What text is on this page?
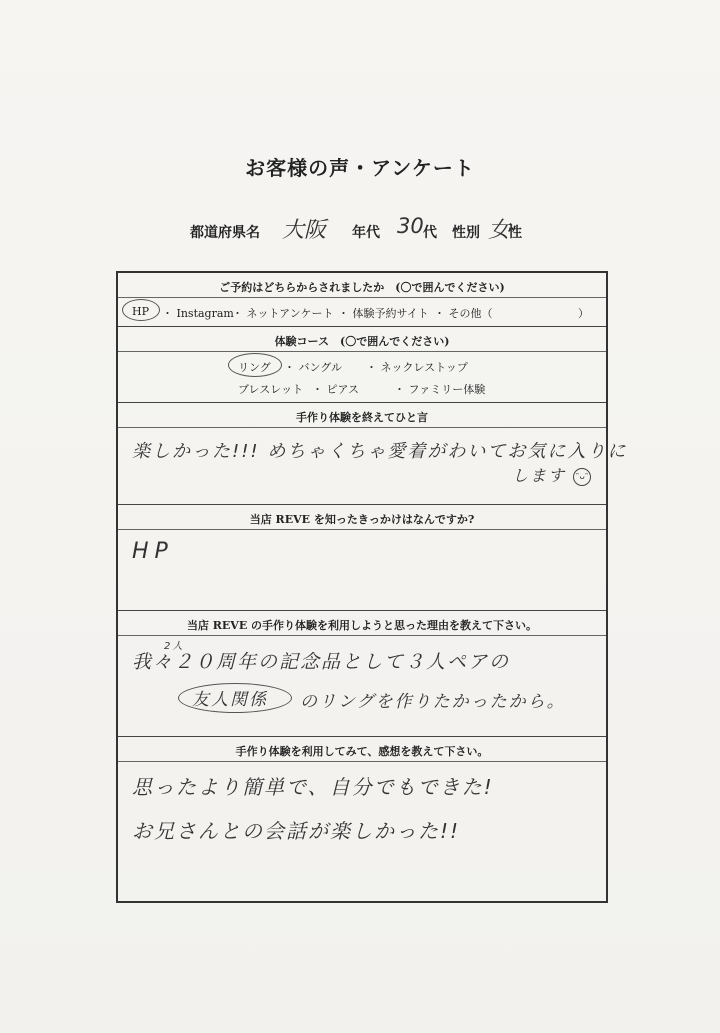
お客様の声・アンケート
都道府県名 大阪 年代 30 代 性別 女
性
ご予約はどちらからされましたか　(〇で囲んでください)
HP ・ Instagram
・ ネットアンケート ・ 体験予約サイト ・ その他（	）
体験コース　(〇で囲んでください)
リング ・ バングル ・ ネックレストップ
ブレスレット ・ ピアス	・ ファミリー体験
手作り体験を終えてひと言
楽しかった!!! めちゃくちゃ愛着がわいてお気に入りに
します ᵔᴗᵔ
当店 REVE を知ったきっかけはなんですか?
HP
当店 REVE の手作り体験を利用しようと思った理由を教えて下さい。
我々２０周年の記念品として３人ペアの
2人
友人関係 のリングを作りたかったから。
手作り体験を利用してみて、感想を教えて下さい。
思ったより簡単で、自分でもできた!
お兄さんとの会話が楽しかった!!
